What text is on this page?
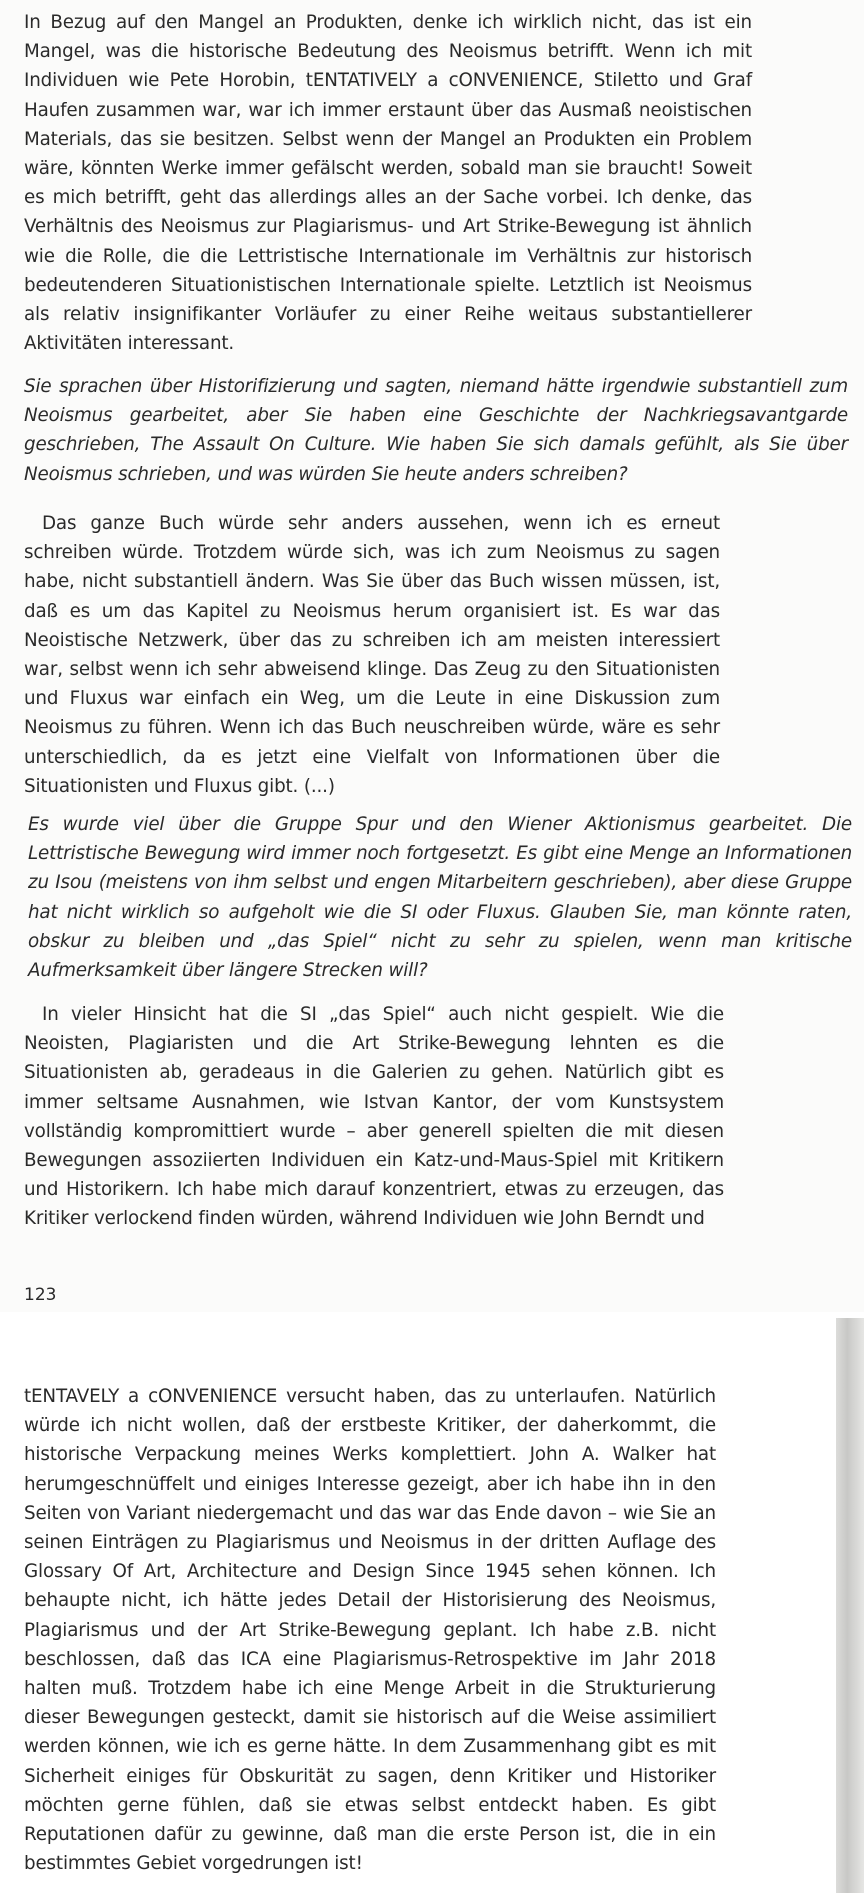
In Bezug auf den Mangel an Produkten, denke ich wirklich nicht, das ist ein Mangel, was die historische Bedeutung des Neoismus betrifft. Wenn ich mit Individuen wie Pete Horobin, tENTATIVELY a cONVENIENCE, Stiletto und Graf Haufen zusammen war, war ich immer erstaunt über das Ausmaß neoistischen Materials, das sie besitzen. Selbst wenn der Mangel an Produkten ein Problem wäre, könnten Werke immer gefälscht werden, sobald man sie braucht! Soweit es mich betrifft, geht das allerdings alles an der Sache vorbei. Ich denke, das Verhältnis des Neoismus zur Plagiarismus- und Art Strike-Bewegung ist ähnlich wie die Rolle, die die Lettristische Internationale im Verhältnis zur historisch bedeutenderen Situationistischen Internationale spielte. Letztlich ist Neoismus als relativ insignifikanter Vorläufer zu einer Reihe weitaus substantiellerer Aktivitäten interessant.

Sie sprachen über Historifizierung und sagten, niemand hätte irgendwie substantiell zum Neoismus gearbeitet, aber Sie haben eine Geschichte der Nachkriegsavantgarde geschrieben, The Assault On Culture. Wie haben Sie sich damals gefühlt, als Sie über Neoismus schrieben, und was würden Sie heute anders schreiben?

Das ganze Buch würde sehr anders aussehen, wenn ich es erneut schreiben würde. Trotzdem würde sich, was ich zum Neoismus zu sagen habe, nicht substantiell ändern. Was Sie über das Buch wissen müssen, ist, daß es um das Kapitel zu Neoismus herum organisiert ist. Es war das Neoistische Netzwerk, über das zu schreiben ich am meisten interessiert war, selbst wenn ich sehr abweisend klinge. Das Zeug zu den Situationisten und Fluxus war einfach ein Weg, um die Leute in eine Diskussion zum Neoismus zu führen. Wenn ich das Buch neuschreiben würde, wäre es sehr unterschiedlich, da es jetzt eine Vielfalt von Informationen über die Situationisten und Fluxus gibt. (...)

Es wurde viel über die Gruppe Spur und den Wiener Aktionismus gearbeitet. Die Lettristische Bewegung wird immer noch fortgesetzt. Es gibt eine Menge an Informationen zu Isou (meistens von ihm selbst und engen Mitarbeitern geschrieben), aber diese Gruppe hat nicht wirklich so aufgeholt wie die SI oder Fluxus. Glauben Sie, man könnte raten, obskur zu bleiben und „das Spiel“ nicht zu sehr zu spielen, wenn man kritische Aufmerksamkeit über längere Strecken will?

In vieler Hinsicht hat die SI „das Spiel“ auch nicht gespielt. Wie die Neoisten, Plagiaristen und die Art Strike-Bewegung lehnten es die Situationisten ab, geradeaus in die Galerien zu gehen. Natürlich gibt es immer seltsame Ausnahmen, wie Istvan Kantor, der vom Kunstsystem vollständig kompromittiert wurde – aber generell spielten die mit diesen Bewegungen assoziierten Individuen ein Katz-und-Maus-Spiel mit Kritikern und Historikern. Ich habe mich darauf konzentriert, etwas zu erzeugen, das Kritiker verlockend finden würden, während Individuen wie John Berndt und

123

tENTAVELY a cONVENIENCE versucht haben, das zu unterlaufen. Natürlich würde ich nicht wollen, daß der erstbeste Kritiker, der daherkommt, die historische Verpackung meines Werks komplettiert. John A. Walker hat herumgeschnüffelt und einiges Interesse gezeigt, aber ich habe ihn in den Seiten von Variant niedergemacht und das war das Ende davon – wie Sie an seinen Einträgen zu Plagiarismus und Neoismus in der dritten Auflage des Glossary Of Art, Architecture and Design Since 1945 sehen können. Ich behaupte nicht, ich hätte jedes Detail der Historisierung des Neoismus, Plagiarismus und der Art Strike-Bewegung geplant. Ich habe z.B. nicht beschlossen, daß das ICA eine Plagiarismus-Retrospektive im Jahr 2018 halten muß. Trotzdem habe ich eine Menge Arbeit in die Strukturierung dieser Bewegungen gesteckt, damit sie historisch auf die Weise assimiliert werden können, wie ich es gerne hätte. In dem Zusammenhang gibt es mit Sicherheit einiges für Obskurität zu sagen, denn Kritiker und Historiker möchten gerne fühlen, daß sie etwas selbst entdeckt haben. Es gibt Reputationen dafür zu gewinne, daß man die erste Person ist, die in ein bestimmtes Gebiet vorgedrungen ist!
